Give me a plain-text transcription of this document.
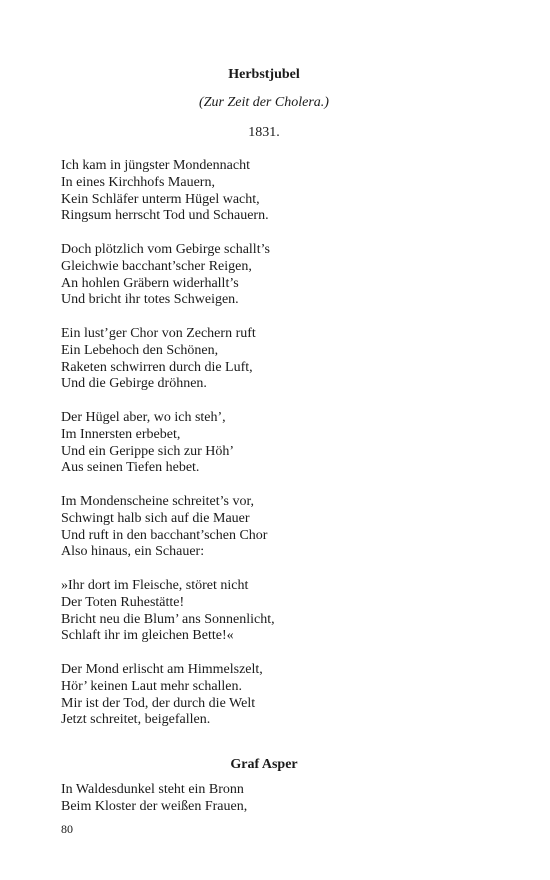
Herbstjubel

(Zur Zeit der Cholera.)

1831.

Ich kam in jüngster Mondennacht
In eines Kirchhofs Mauern,
Kein Schläfer unterm Hügel wacht,
Ringsum herrscht Tod und Schauern.
Doch plötzlich vom Gebirge schallt’s
Gleichwie bacchant’scher Reigen,
An hohlen Gräbern widerhallt’s
Und bricht ihr totes Schweigen.
Ein lust’ger Chor von Zechern ruft
Ein Lebehoch den Schönen,
Raketen schwirren durch die Luft,
Und die Gebirge dröhnen.
Der Hügel aber, wo ich steh’,
Im Innersten erbebet,
Und ein Gerippe sich zur Höh’
Aus seinen Tiefen hebet.
Im Mondenscheine schreitet’s vor,
Schwingt halb sich auf die Mauer
Und ruft in den bacchant’schen Chor
Also hinaus, ein Schauer:
»Ihr dort im Fleische, störet nicht
Der Toten Ruhestätte!
Bricht neu die Blum’ ans Sonnenlicht,
Schlaft ihr im gleichen Bette!«
Der Mond erlischt am Himmelszelt,
Hör’ keinen Laut mehr schallen.
Mir ist der Tod, der durch die Welt
Jetzt schreitet, beigefallen.
Graf Asper
In Waldesdunkel steht ein Bronn
Beim Kloster der weißen Frauen,

80
